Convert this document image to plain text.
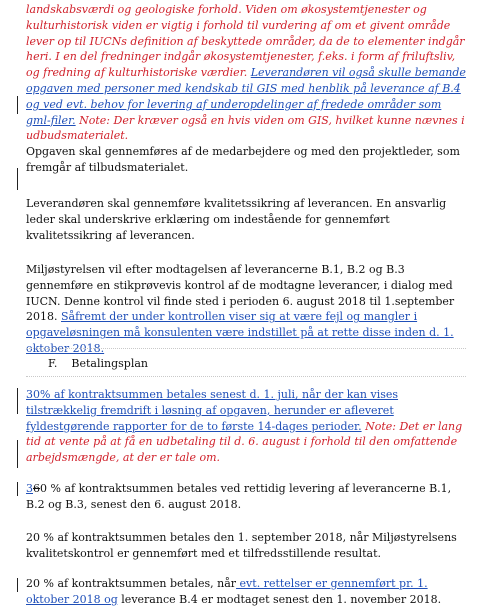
landskabsværdi og geologiske forhold. Viden om økosystemtjenester og kulturhistorisk viden er vigtig i forhold til vurdering af om et givent område lever op til IUCNs definition af beskyttede områder, da de to elementer indgår heri. I en del fredninger indgår økosystemtjenester, f.eks. i form af friluftsliv, og fredning af kulturhistoriske værdier. Leverandøren vil også skulle bemande opgaven med personer med kendskab til GIS med henblik på leverance af B.4 og ved evt. behov for levering af underopdelinger af fredede områder som gml-filer. Note: Der kræver også en hvis viden om GIS, hvilket kunne nævnes i udbudsmaterialet.
Opgaven skal gennemføres af de medarbejdere og med den projektleder, som fremgår af tilbudsmaterialet.
Leverandøren skal gennemføre kvalitetssikring af leverancen. En ansvarlig leder skal underskrive erklæring om indestående for gennemført kvalitetssikring af leverancen.
Miljøstyrelsen vil efter modtagelsen af leverancerne B.1, B.2 og B.3 gennemføre en stikprøvevis kontrol af de modtagne leverancer, i dialog med IUCN. Denne kontrol vil finde sted i perioden 6. august 2018 til 1.september 2018. Såfremt der under kontrollen viser sig at være fejl og mangler i opgaveløsningen må konsulenten være indstillet på at rette disse inden d. 1. oktober 2018.
F. Betalingsplan
30% af kontraktsummen betales senest d. 1. juli, når der kan vises tilstrækkelig fremdrift i løsning af opgaven, herunder er afleveret fyldestgørende rapporter for de to første 14-dages perioder. Note: Det er lang tid at vente på at få en udbetaling til d. 6. august i forhold til den omfattende arbejdsmængde, at der er tale om.
360 % af kontraktsummen betales ved rettidig levering af leverancerne B.1, B.2 og B.3, senest den 6. august 2018.
20 % af kontraktsummen betales den 1. september 2018, når Miljøstyrelsens kvalitetskontrol er gennemført med et tilfredsstillende resultat.
20 % af kontraktsummen betales, når evt. rettelser er gennemført pr. 1. oktober 2018 og leverance B.4 er modtaget senest den 1. november 2018.
